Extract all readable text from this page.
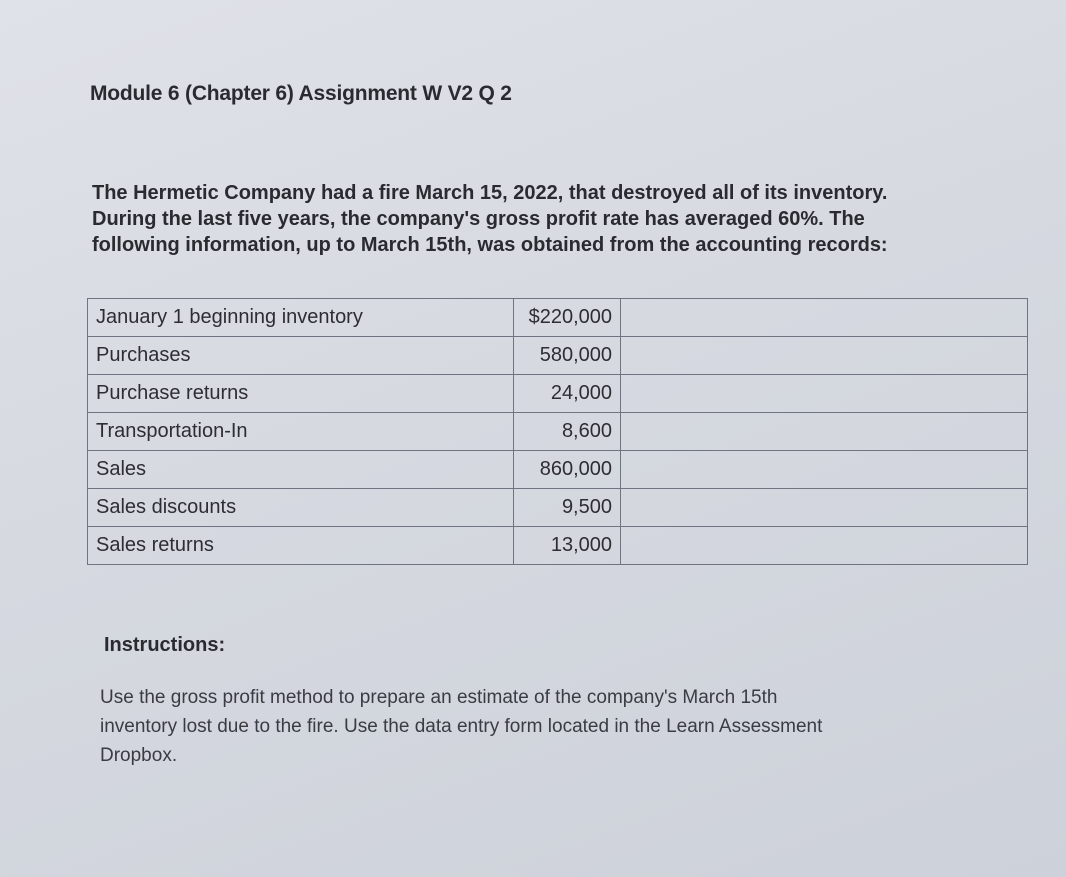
Module 6 (Chapter 6) Assignment W V2 Q 2

The Hermetic Company had a fire March 15, 2022, that destroyed all of its inventory.

During the last five years, the company's gross profit rate has averaged 60%. The

following information, up to March 15th, was obtained from the accounting records:

January 1 beginning inventory	$220,000	
Purchases	580,000	
Purchase returns	24,000	
Transportation-In	8,600	
Sales	860,000	
Sales discounts	9,500	
Sales returns	13,000	
Instructions:

Use the gross profit method to prepare an estimate of the company's March 15th

inventory lost due to the fire. Use the data entry form located in the Learn Assessment

Dropbox.
